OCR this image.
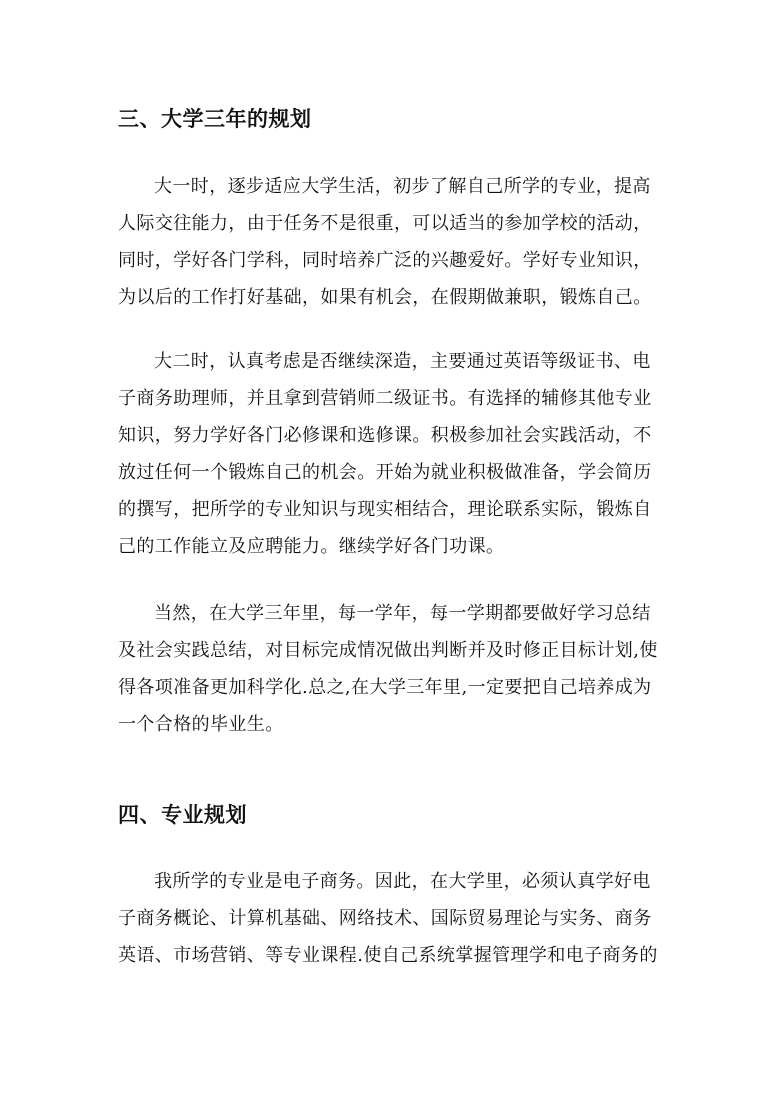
三、大学三年的规划
大一时，逐步适应大学生活，初步了解自己所学的专业，提高
人际交往能力，由于任务不是很重，可以适当的参加学校的活动，
同时，学好各门学科，同时培养广泛的兴趣爱好。学好专业知识，
为以后的工作打好基础，如果有机会，在假期做兼职，锻炼自己。
大二时，认真考虑是否继续深造，主要通过英语等级证书、电
子商务助理师，并且拿到营销师二级证书。有选择的辅修其他专业
知识，努力学好各门必修课和选修课。积极参加社会实践活动，不
放过任何一个锻炼自己的机会。开始为就业积极做准备，学会简历
的撰写，把所学的专业知识与现实相结合，理论联系实际，锻炼自
己的工作能立及应聘能力。继续学好各门功课。
当然，在大学三年里，每一学年，每一学期都要做好学习总结
及社会实践总结，对目标完成情况做出判断并及时修正目标计划,使
得各项准备更加科学化.总之,在大学三年里,一定要把自己培养成为
一个合格的毕业生。
四、专业规划
我所学的专业是电子商务。因此，在大学里，必须认真学好电
子商务概论、计算机基础、网络技术、国际贸易理论与实务、商务
英语、市场营销、等专业课程.使自己系统掌握管理学和电子商务的
